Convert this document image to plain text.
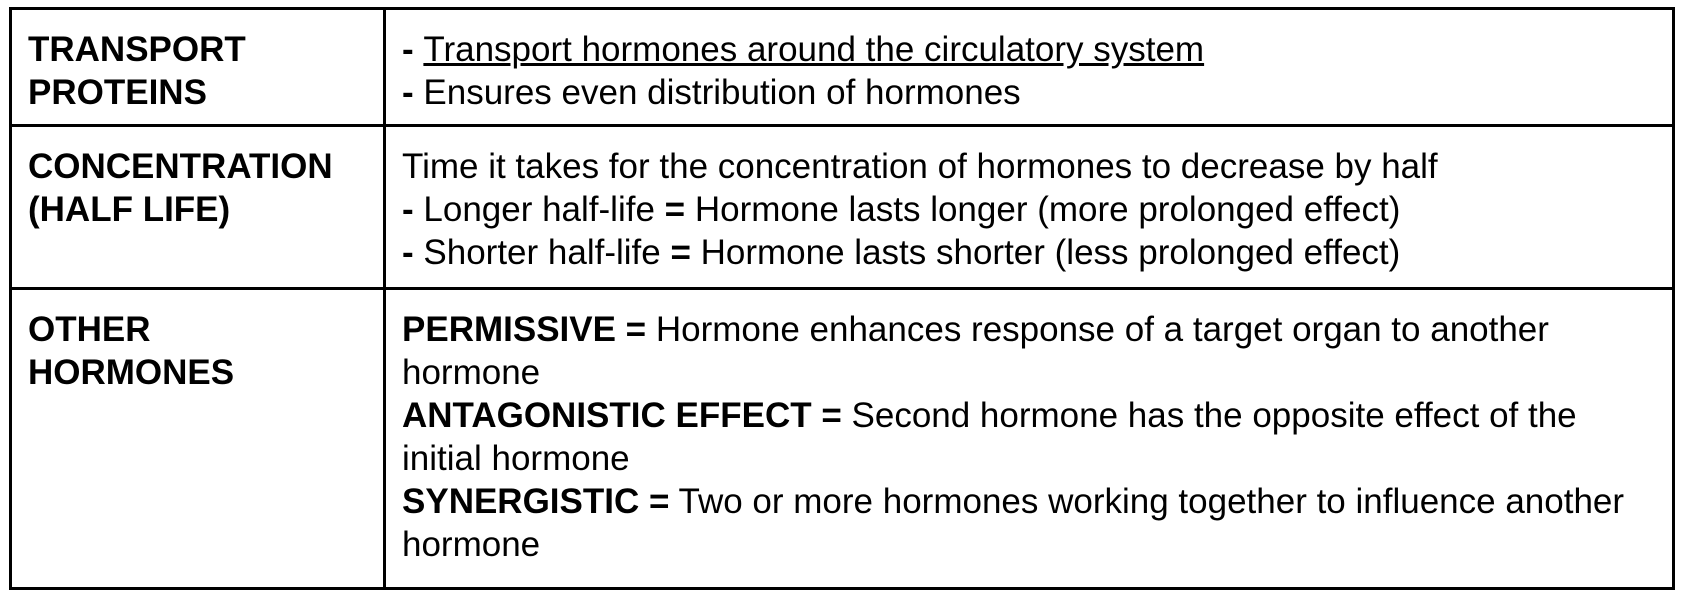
TRANSPORT
PROTEINS	- Transport hormones around the circulatory system
- Ensures even distribution of hormones

CONCENTRATION
(HALF LIFE)	Time it takes for the concentration of hormones to decrease by half
- Longer half-life = Hormone lasts longer (more prolonged effect)
- Shorter half-life = Hormone lasts shorter (less prolonged effect)

OTHER
HORMONES	PERMISSIVE = Hormone enhances response of a target organ to another hormone
ANTAGONISTIC EFFECT = Second hormone has the opposite effect of the initial hormone
SYNERGISTIC = Two or more hormones working together to influence another hormone
